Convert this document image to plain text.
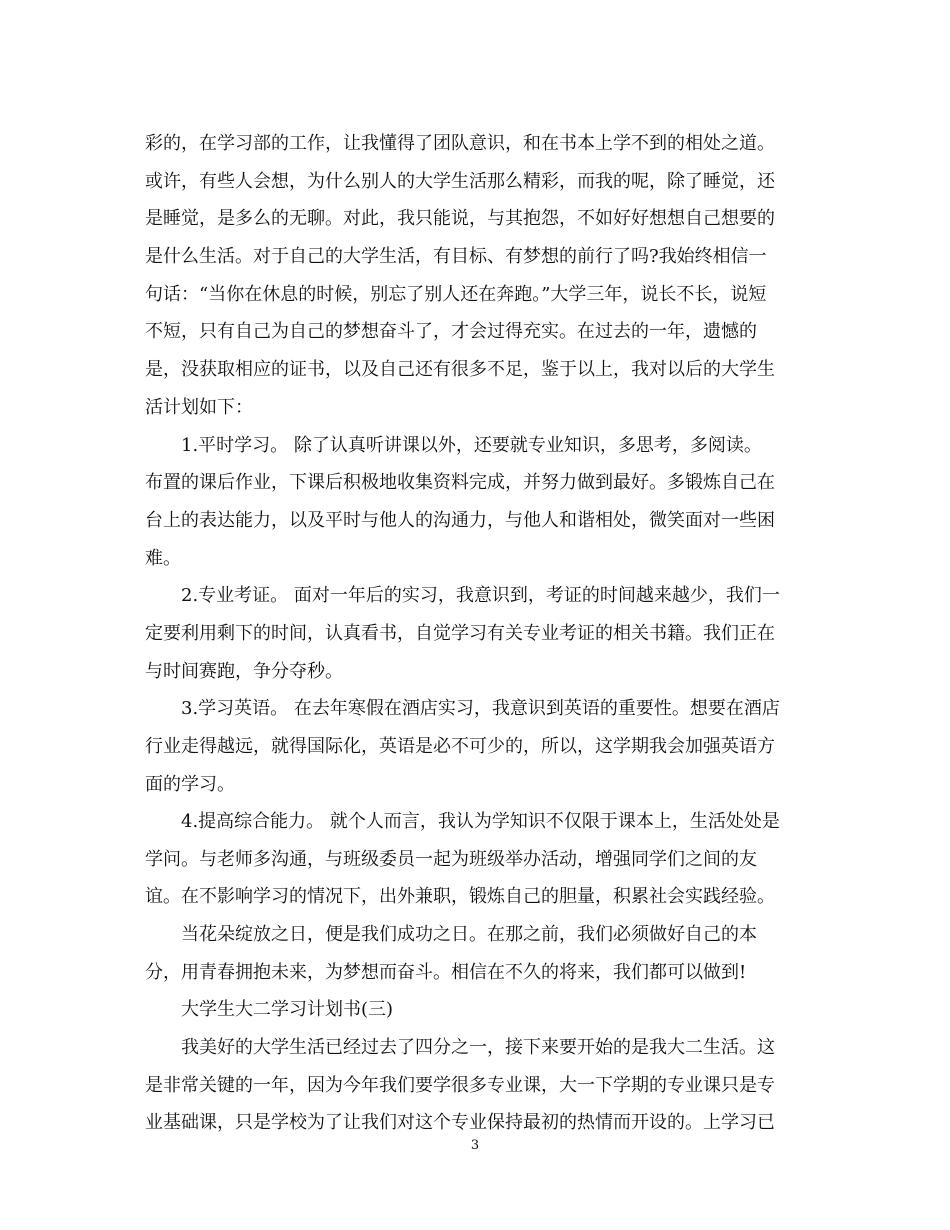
彩的，在学习部的工作，让我懂得了团队意识，和在书本上学不到的相处之道。
或许，有些人会想，为什么别人的大学生活那么精彩，而我的呢，除了睡觉，还
是睡觉，是多么的无聊。对此，我只能说，与其抱怨，不如好好想想自己想要的
是什么生活。对于自己的大学生活，有目标、有梦想的前行了吗?我始终相信一
句话：“当你在休息的时候，别忘了别人还在奔跑。”大学三年，说长不长，说短
不短，只有自己为自己的梦想奋斗了，才会过得充实。在过去的一年，遗憾的
是，没获取相应的证书，以及自己还有很多不足，鉴于以上，我对以后的大学生
活计划如下：
1.平时学习。 除了认真听讲课以外，还要就专业知识，多思考，多阅读。
布置的课后作业，下课后积极地收集资料完成，并努力做到最好。多锻炼自己在
台上的表达能力，以及平时与他人的沟通力，与他人和谐相处，微笑面对一些困
难。
2.专业考证。 面对一年后的实习，我意识到，考证的时间越来越少，我们一
定要利用剩下的时间，认真看书，自觉学习有关专业考证的相关书籍。我们正在
与时间赛跑，争分夺秒。
3.学习英语。 在去年寒假在酒店实习，我意识到英语的重要性。想要在酒店
行业走得越远，就得国际化，英语是必不可少的，所以，这学期我会加强英语方
面的学习。
4.提高综合能力。 就个人而言，我认为学知识不仅限于课本上，生活处处是
学问。与老师多沟通，与班级委员一起为班级举办活动，增强同学们之间的友
谊。在不影响学习的情况下，出外兼职，锻炼自己的胆量，积累社会实践经验。
当花朵绽放之日，便是我们成功之日。在那之前，我们必须做好自己的本
分，用青春拥抱未来，为梦想而奋斗。相信在不久的将来，我们都可以做到!
大学生大二学习计划书(三)
我美好的大学生活已经过去了四分之一，接下来要开始的是我大二生活。这
是非常关键的一年，因为今年我们要学很多专业课，大一下学期的专业课只是专
业基础课，只是学校为了让我们对这个专业保持最初的热情而开设的。上学习已
3
